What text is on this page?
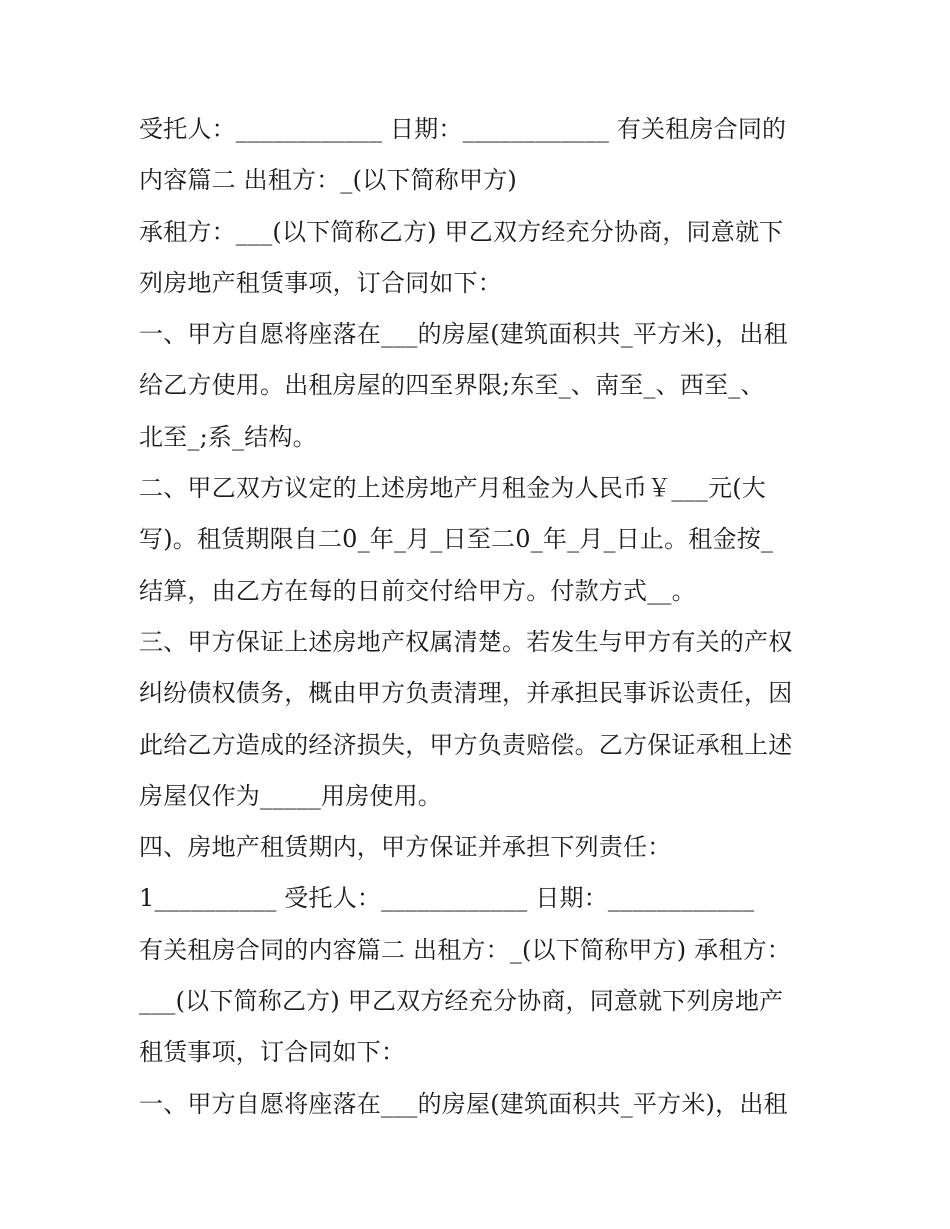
受托人：____________ 日期：____________ 有关租房合同的
内容篇二 出租方：_(以下简称甲方)
承租方：___(以下简称乙方) 甲乙双方经充分协商，同意就下
列房地产租赁事项，订合同如下：
一、甲方自愿将座落在___的房屋(建筑面积共_平方米)，出租
给乙方使用。出租房屋的四至界限;东至_、南至_、西至_、
北至_;系_结构。
二、甲乙双方议定的上述房地产月租金为人民币￥___元(大
写)。租赁期限自二0_年_月_日至二0_年_月_日止。租金按_
结算，由乙方在每的日前交付给甲方。付款方式__。
三、甲方保证上述房地产权属清楚。若发生与甲方有关的产权
纠纷债权债务，概由甲方负责清理，并承担民事诉讼责任，因
此给乙方造成的经济损失，甲方负责赔偿。乙方保证承租上述
房屋仅作为_____用房使用。
四、房地产租赁期内，甲方保证并承担下列责任：
1__________ 受托人：____________ 日期：____________
有关租房合同的内容篇二 出租方：_(以下简称甲方) 承租方：
___(以下简称乙方) 甲乙双方经充分协商，同意就下列房地产
租赁事项，订合同如下：
一、甲方自愿将座落在___的房屋(建筑面积共_平方米)，出租
